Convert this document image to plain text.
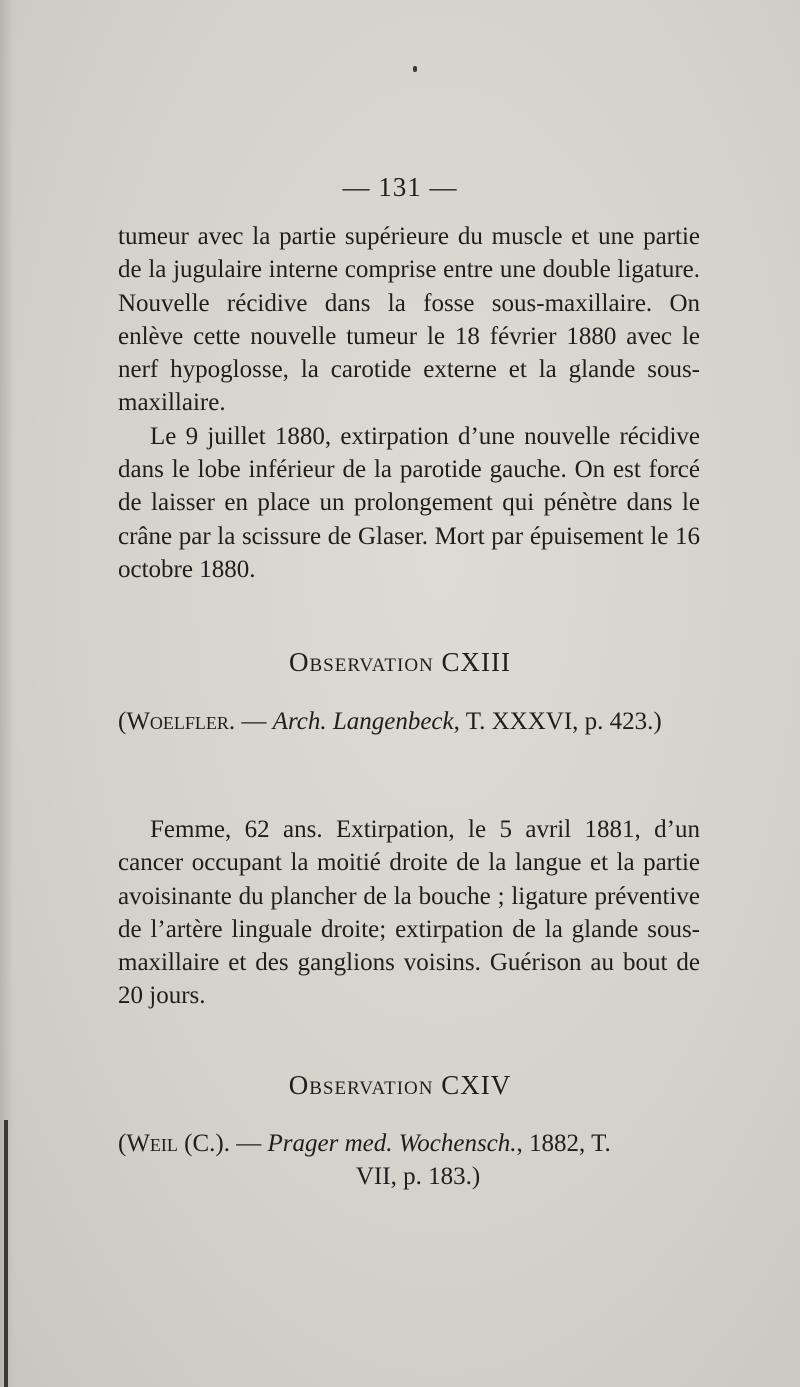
— 131 —

tumeur avec la partie supérieure du muscle et une partie de la jugulaire interne comprise entre une double ligature. Nouvelle récidive dans la fosse sous-maxillaire. On enlève cette nouvelle tumeur le 18 février 1880 avec le nerf hypoglosse, la carotide externe et la glande sous-maxillaire.

Le 9 juillet 1880, extirpation d’une nouvelle récidive dans le lobe inférieur de la parotide gauche. On est forcé de laisser en place un prolongement qui pénètre dans le crâne par la scissure de Glaser. Mort par épuisement le 16 octobre 1880.

Observation CXIII
(Woelfler. — Arch. Langenbeck, T. XXXVI, p. 423.)

Femme, 62 ans. Extirpation, le 5 avril 1881, d’un cancer occupant la moitié droite de la langue et la partie avoisinante du plancher de la bouche ; ligature préventive de l’artère linguale droite; extirpation de la glande sous-maxillaire et des ganglions voisins. Guérison au bout de 20 jours.

Observation CXIV
(Weil (C.). — Prager med. Wochensch., 1882, T.
VII, p. 183.)
